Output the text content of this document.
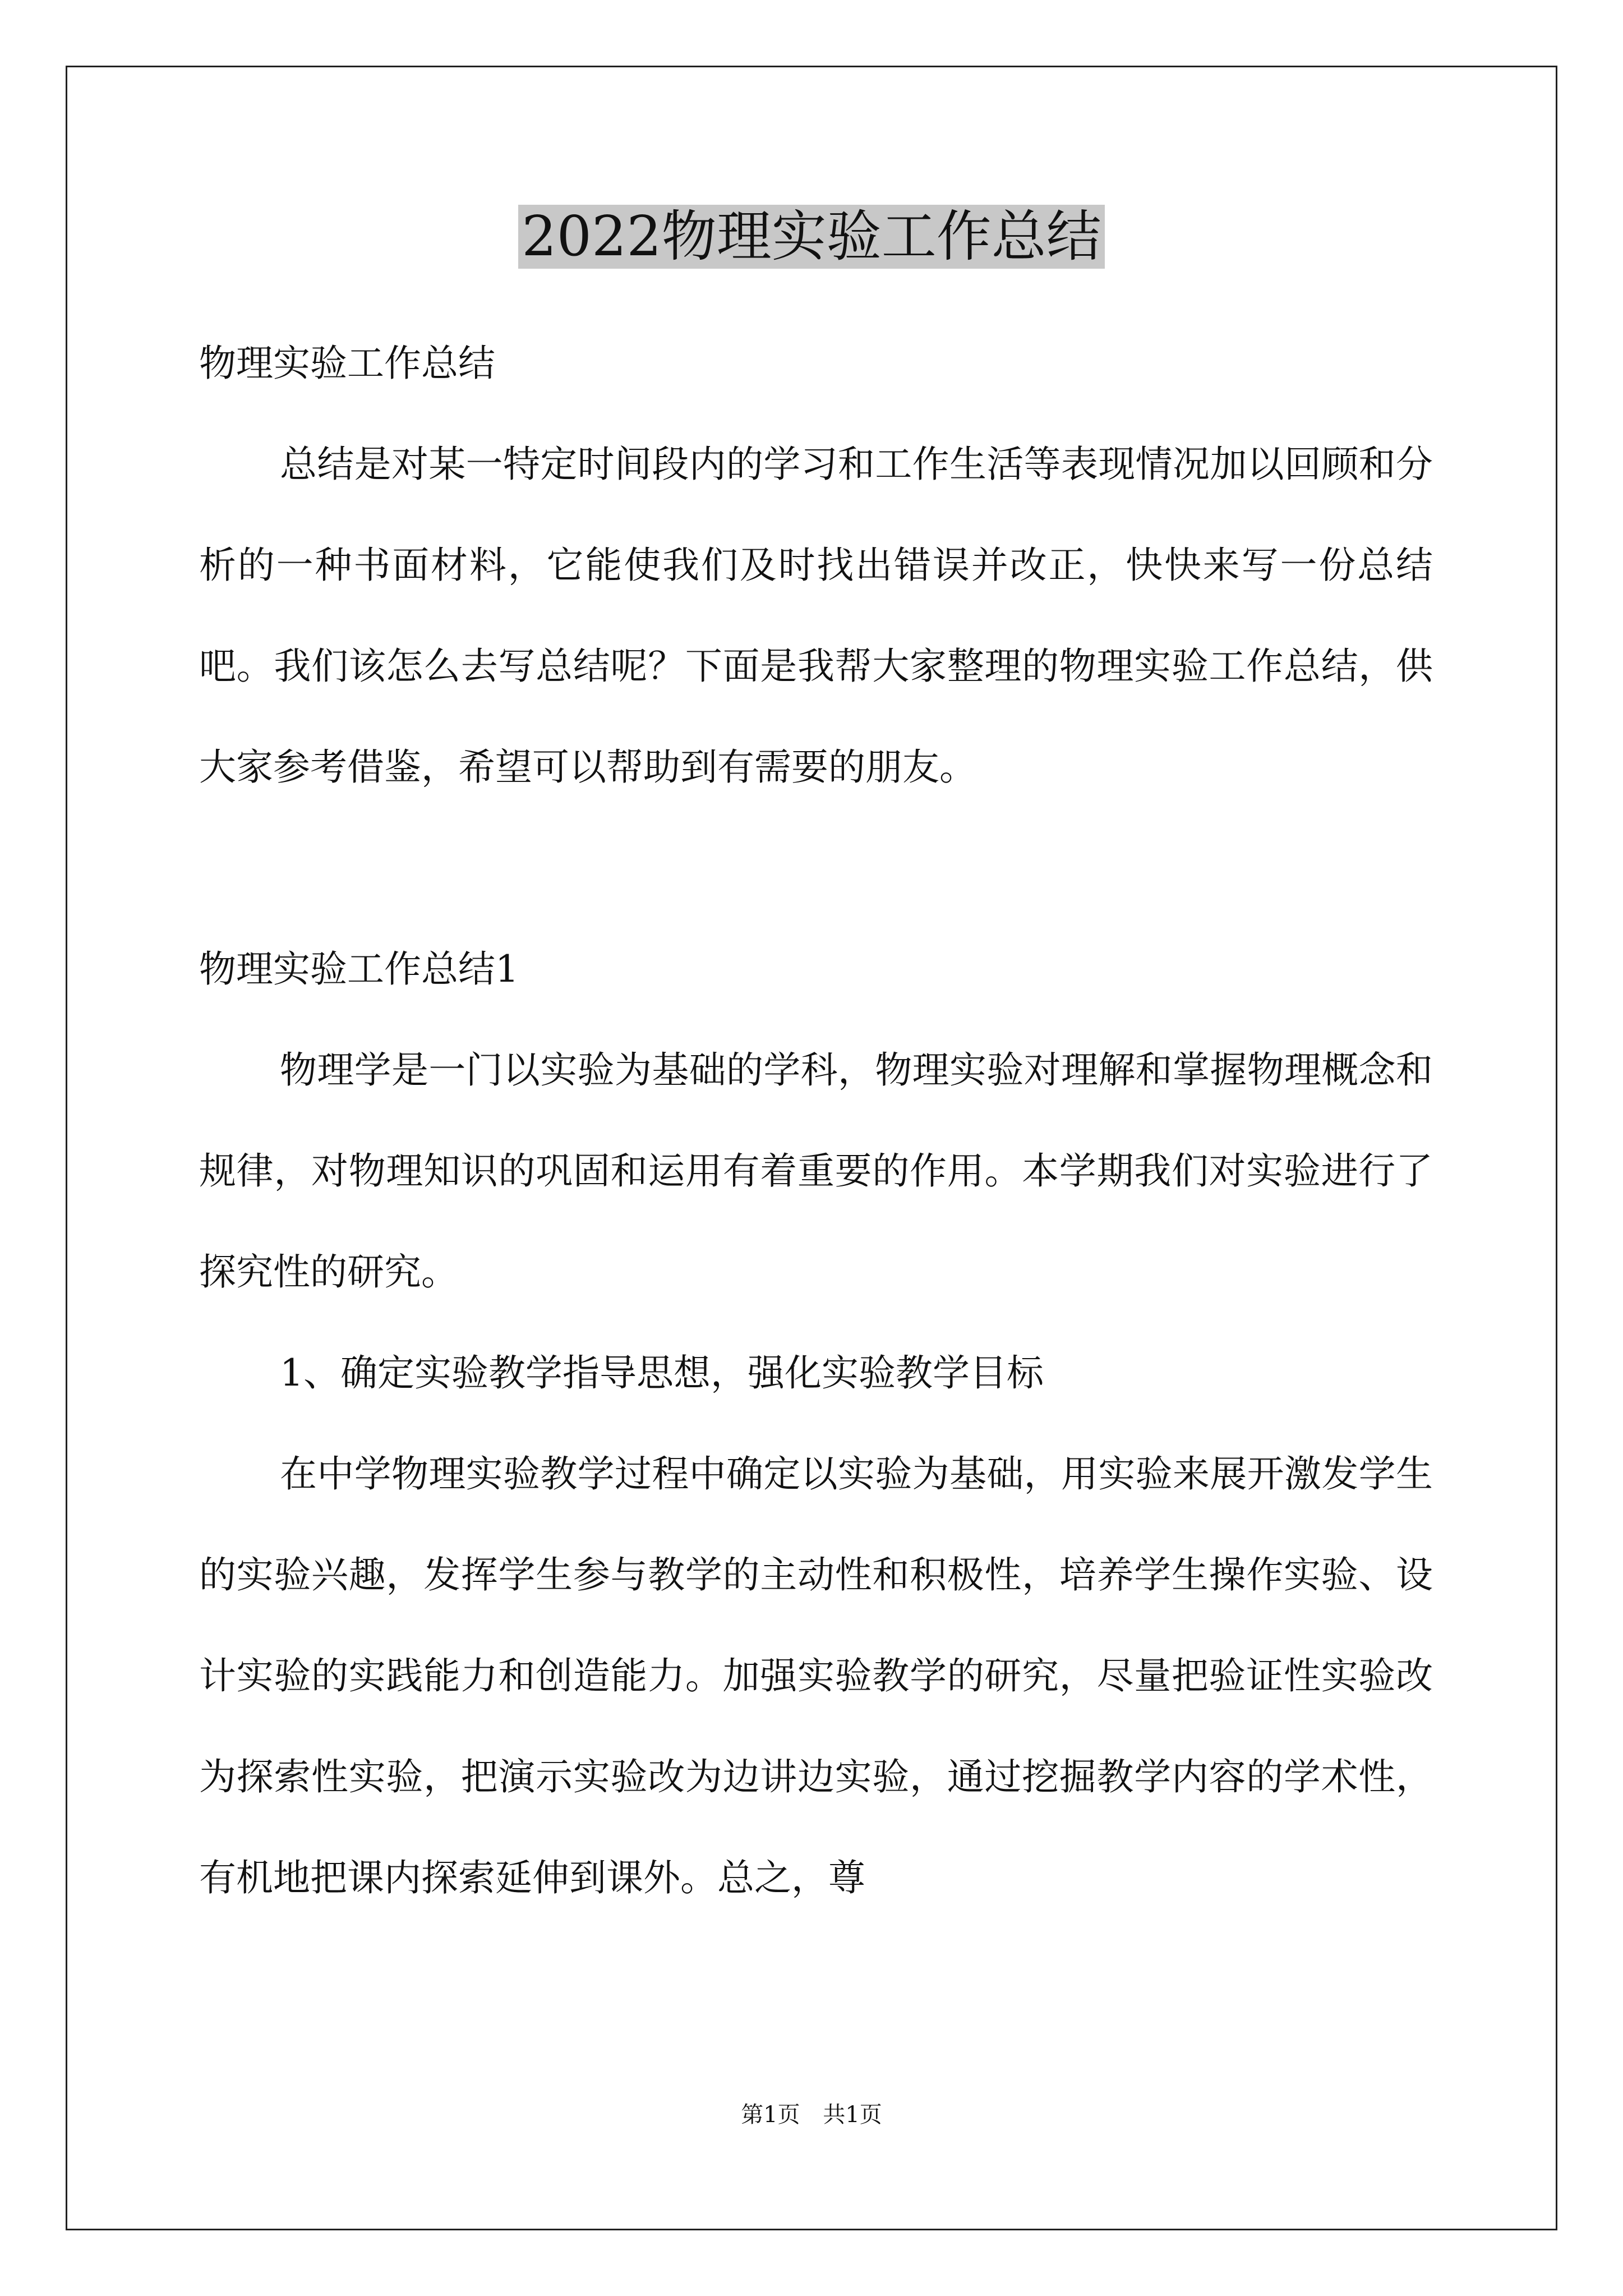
2022物理实验工作总结

物理实验工作总结

总结是对某一特定时间段内的学习和工作生活等表现情况加以回顾和分析的一种书面材料，它能使我们及时找出错误并改正，快快来写一份总结吧。我们该怎么去写总结呢？下面是我帮大家整理的物理实验工作总结，供大家参考借鉴，希望可以帮助到有需要的朋友。

物理实验工作总结1

物理学是一门以实验为基础的学科，物理实验对理解和掌握物理概念和规律，对物理知识的巩固和运用有着重要的作用。本学期我们对实验进行了探究性的研究。

1、确定实验教学指导思想，强化实验教学目标

在中学物理实验教学过程中确定以实验为基础，用实验来展开激发学生的实验兴趣，发挥学生参与教学的主动性和积极性，培养学生操作实验、设计实验的实践能力和创造能力。加强实验教学的研究，尽量把验证性实验改为探索性实验，把演示实验改为边讲边实验，通过挖掘教学内容的学术性，有机地把课内探索延伸到课外。总之，尊

第1页 共1页
